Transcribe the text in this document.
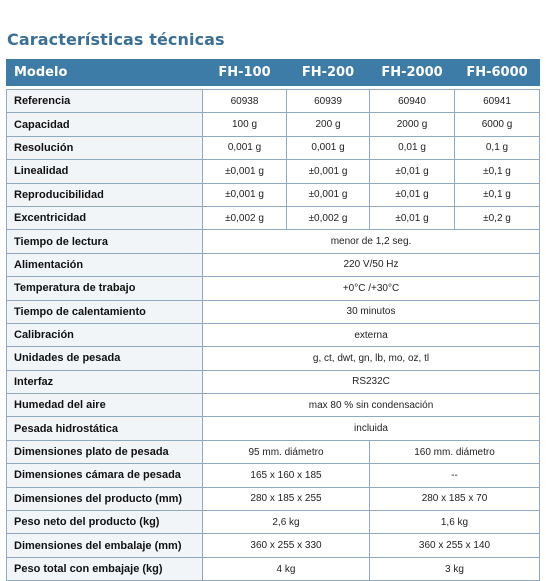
Características técnicas
Modelo	FH-100	FH-200	FH-2000	FH-6000

Referencia	60938	60939	60940	60941
Capacidad	100 g	200 g	2000 g	6000 g
Resolución	0,001 g	0,001 g	0,01 g	0,1 g
Linealidad	±0,001 g	±0,001 g	±0,01 g	±0,1 g
Reproducibilidad	±0,001 g	±0,001 g	±0,01 g	±0,1 g
Excentricidad	±0,002 g	±0,002 g	±0,01 g	±0,2 g
Tiempo de lectura	menor de 1,2 seg.			
Alimentación	220 V/50 Hz			
Temperatura de trabajo	+0°C /+30°C			
Tiempo de calentamiento	30 minutos			
Calibración	externa			
Unidades de pesada	g, ct, dwt, gn, lb, mo, oz, tl			
Interfaz	RS232C			
Humedad del aire	max 80 % sin condensación			
Pesada hidrostática	incluida			
Dimensiones plato de pesada	95 mm. diámetro		160 mm. diámetro	
Dimensiones cámara de pesada	165 x 160 x 185		--	
Dimensiones del producto (mm)	280 x 185 x 255		280 x 185 x 70	
Peso neto del producto (kg)	2,6 kg		1,6 kg	
Dimensiones del embalaje (mm)	360 x 255 x 330		360 x 255 x 140	
Peso total con embajaje (kg)	4 kg		3 kg	
